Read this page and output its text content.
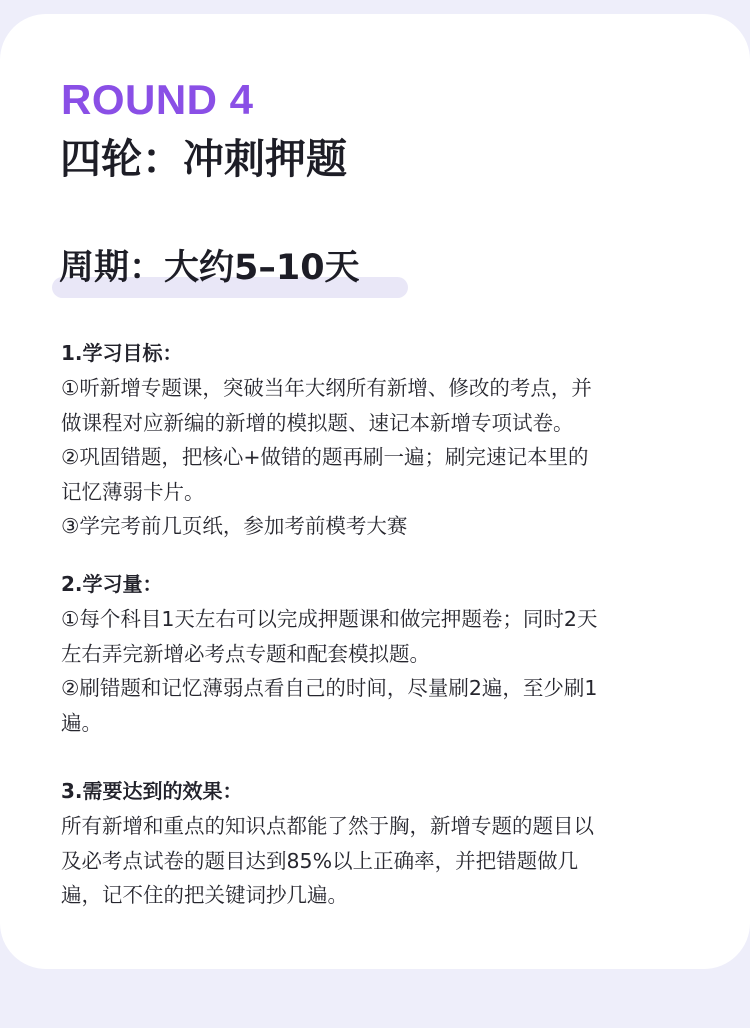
ROUND 4
四轮：冲刺押题
周期：大约5–10天
1.学习目标：
①听新增专题课，突破当年大纲所有新增、修改的考点，并
做课程对应新编的新增的模拟题、速记本新增专项试卷。
②巩固错题，把核心+做错的题再刷一遍；刷完速记本里的
记忆薄弱卡片。
③学完考前几页纸，参加考前模考大赛
2.学习量：
①每个科目1天左右可以完成押题课和做完押题卷；同时2天
左右弄完新增必考点专题和配套模拟题。
②刷错题和记忆薄弱点看自己的时间，尽量刷2遍，至少刷1
遍。
3.需要达到的效果：
所有新增和重点的知识点都能了然于胸，新增专题的题目以
及必考点试卷的题目达到85%以上正确率，并把错题做几
遍，记不住的把关键词抄几遍。
